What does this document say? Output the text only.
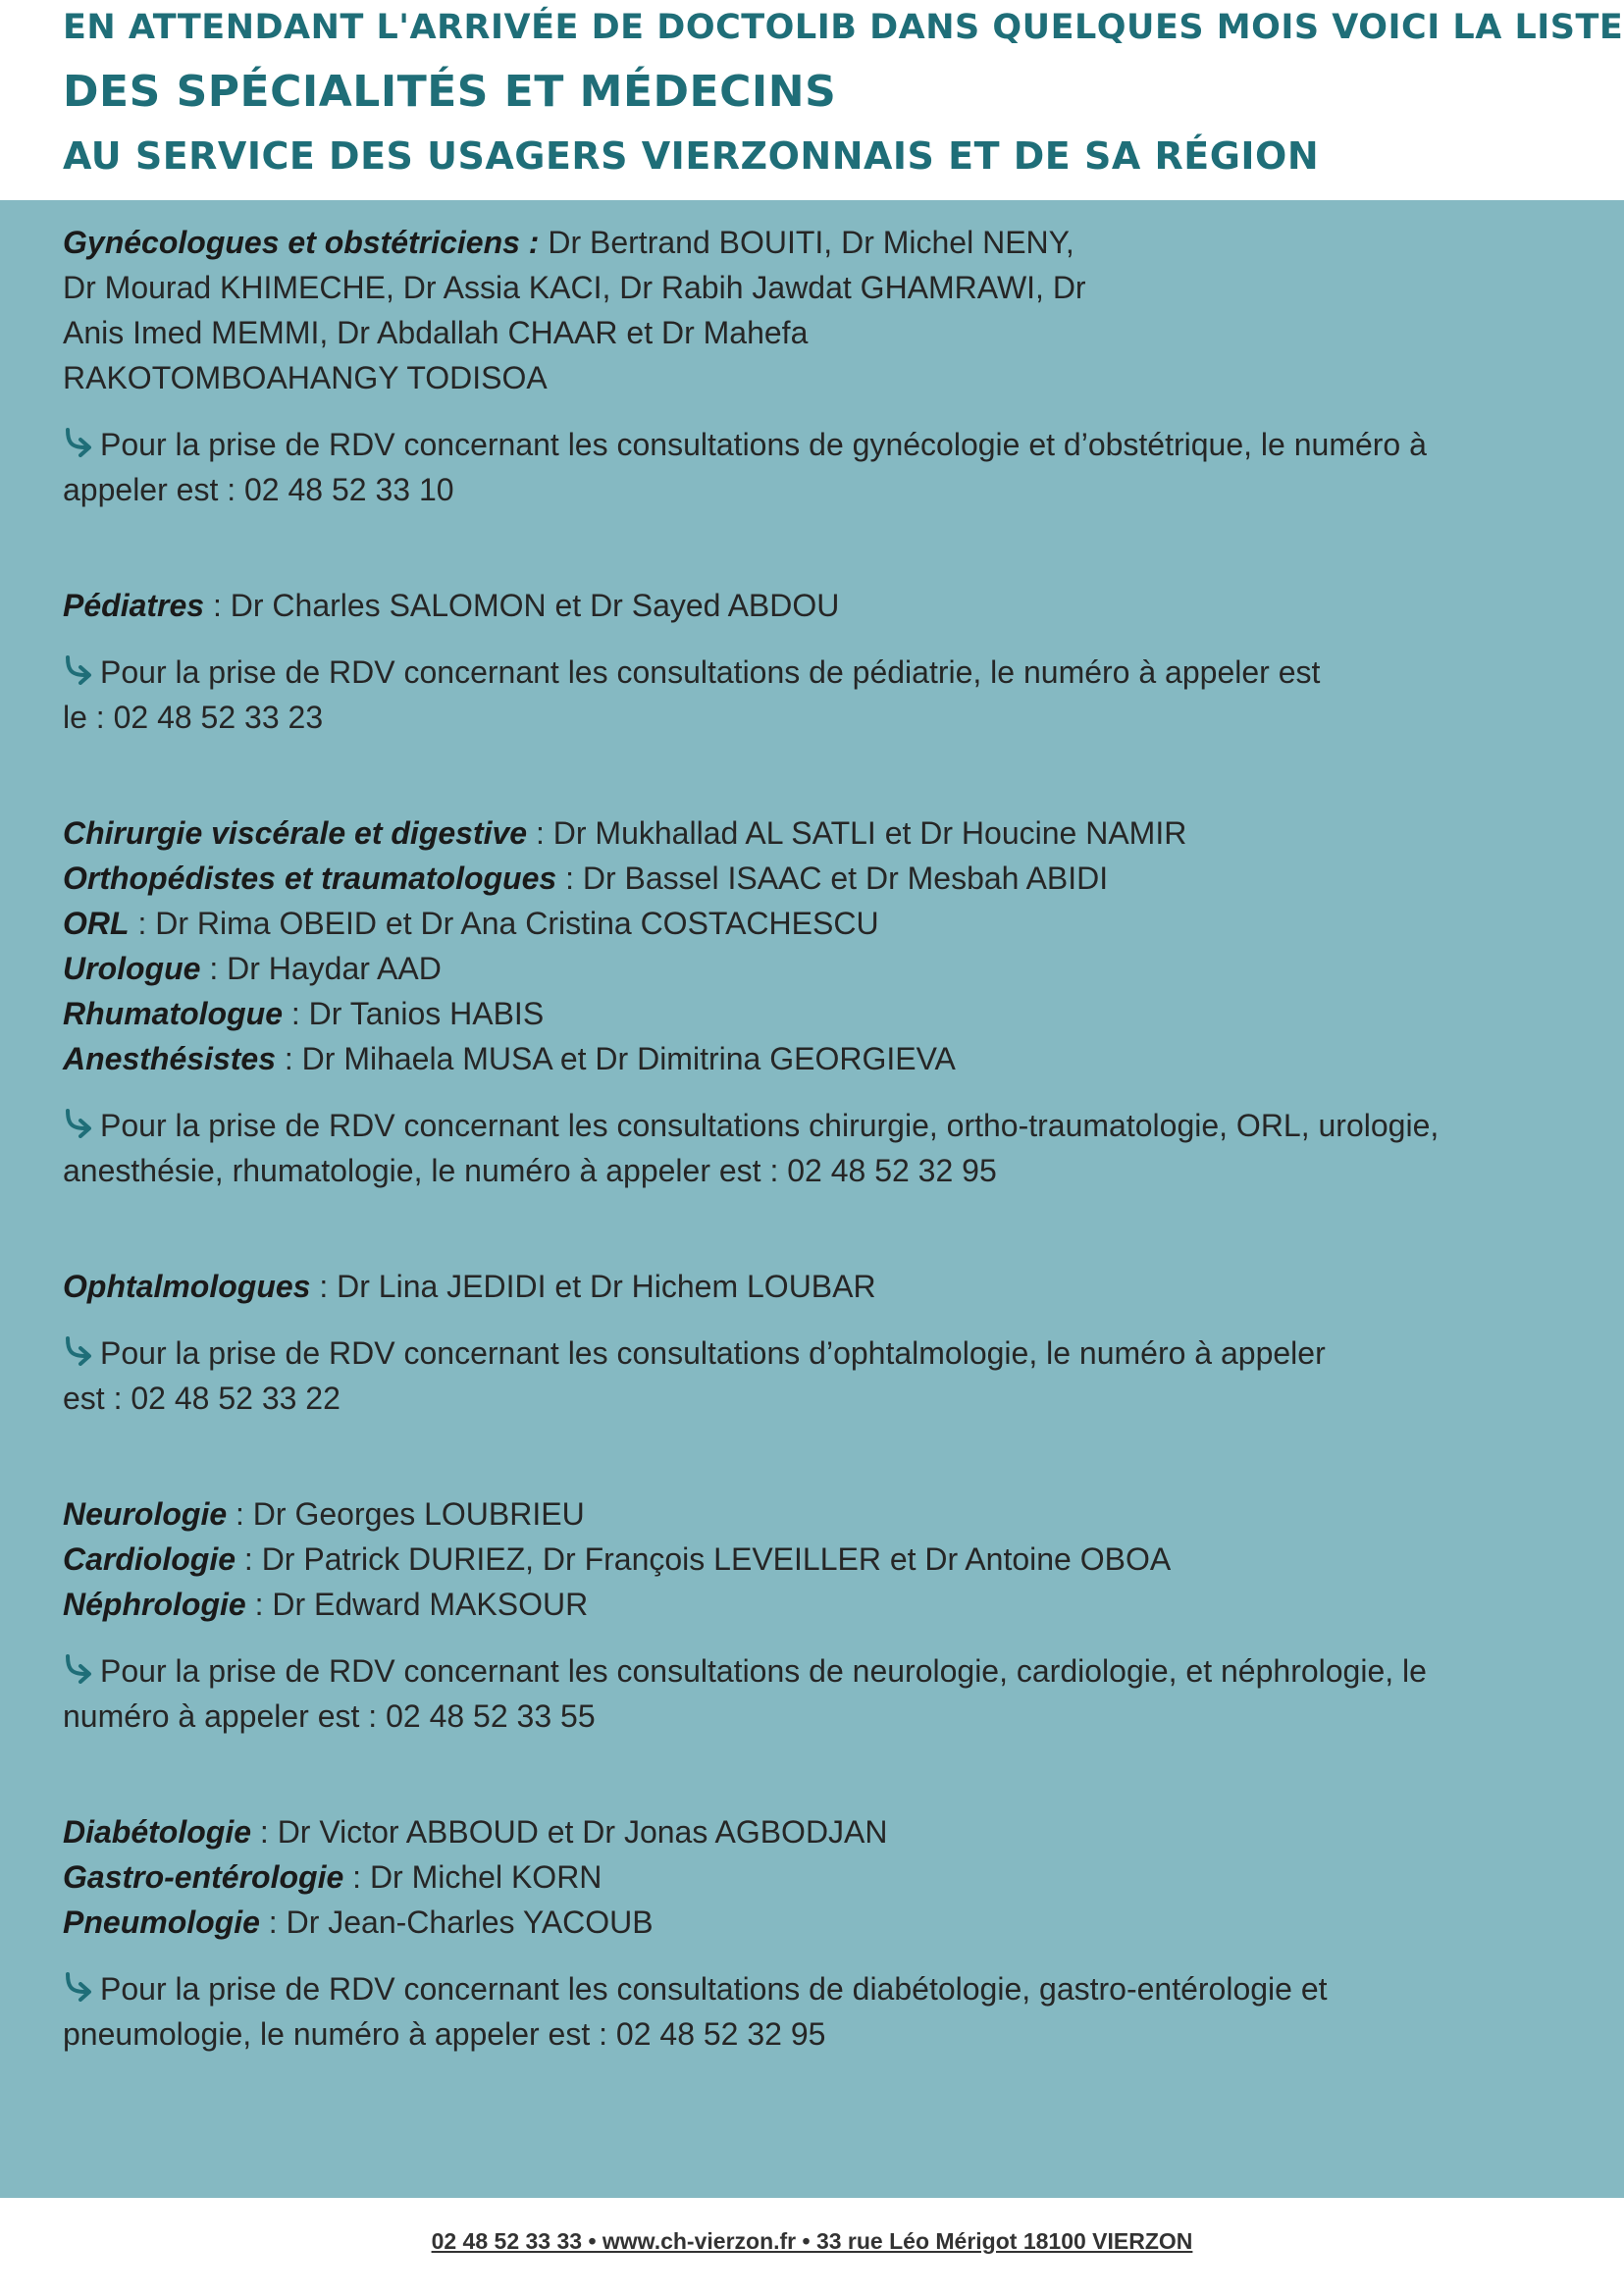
EN ATTENDANT L'ARRIVÉE DE DOCTOLIB DANS QUELQUES MOIS VOICI LA LISTE

DES SPÉCIALITÉS ET MÉDECINS

AU SERVICE DES USAGERS VIERZONNAIS ET DE SA RÉGION

Gynécologues et obstétriciens : Dr Bertrand BOUITI, Dr Michel NENY,

Dr Mourad KHIMECHE, Dr Assia KACI, Dr Rabih Jawdat GHAMRAWI, Dr

Anis Imed MEMMI, Dr Abdallah CHAAR et Dr Mahefa

RAKOTOMBOAHANGY TODISOA

Pour la prise de RDV concernant les consultations de gynécologie et d’obstétrique, le numéro à

appeler est : 02 48 52 33 10

Pédiatres : Dr Charles SALOMON et Dr Sayed ABDOU

Pour la prise de RDV concernant les consultations de pédiatrie, le numéro à appeler est

le : 02 48 52 33 23

Chirurgie viscérale et digestive : Dr Mukhallad AL SATLI et Dr Houcine NAMIR

Orthopédistes et traumatologues : Dr Bassel ISAAC et Dr Mesbah ABIDI

ORL : Dr Rima OBEID et Dr Ana Cristina COSTACHESCU

Urologue : Dr Haydar AAD

Rhumatologue : Dr Tanios HABIS

Anesthésistes : Dr Mihaela MUSA et Dr Dimitrina GEORGIEVA

Pour la prise de RDV concernant les consultations chirurgie, ortho-traumatologie, ORL, urologie,

anesthésie, rhumatologie, le numéro à appeler est : 02 48 52 32 95

Ophtalmologues : Dr Lina JEDIDI et Dr Hichem LOUBAR

Pour la prise de RDV concernant les consultations d’ophtalmologie, le numéro à appeler

est : 02 48 52 33 22

Neurologie : Dr Georges LOUBRIEU

Cardiologie : Dr Patrick DURIEZ, Dr François LEVEILLER et Dr Antoine OBOA

Néphrologie : Dr Edward MAKSOUR

Pour la prise de RDV concernant les consultations de neurologie, cardiologie, et néphrologie, le

numéro à appeler est : 02 48 52 33 55

Diabétologie : Dr Victor ABBOUD et Dr Jonas AGBODJAN

Gastro-entérologie : Dr Michel KORN

Pneumologie : Dr Jean-Charles YACOUB

Pour la prise de RDV concernant les consultations de diabétologie, gastro-entérologie et

pneumologie, le numéro à appeler est : 02 48 52 32 95

02 48 52 33 33 • www.ch-vierzon.fr • 33 rue Léo Mérigot 18100 VIERZON
